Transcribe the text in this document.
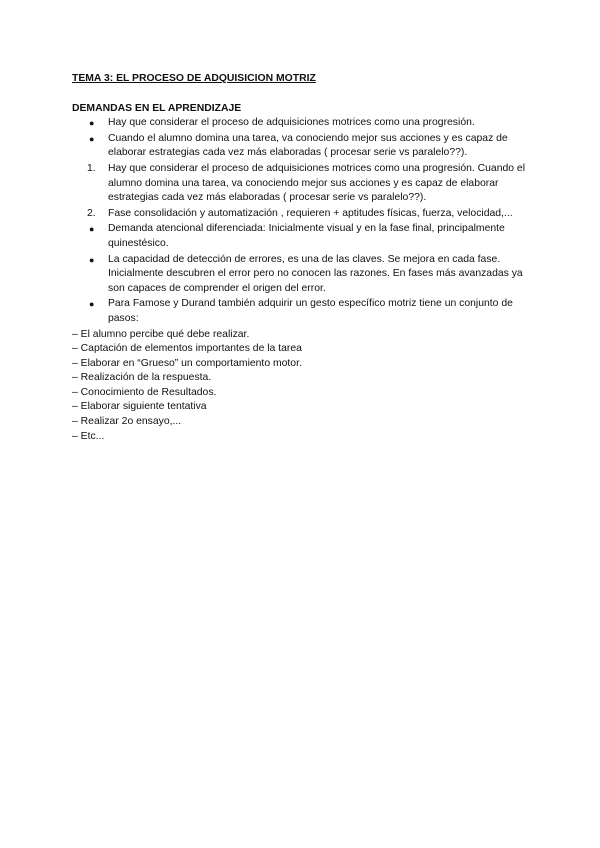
TEMA 3: EL PROCESO DE ADQUISICION MOTRIZ

DEMANDAS EN EL APRENDIZAJE

●	Hay que considerar el proceso de adquisiciones motrices como una progresión.
●	Cuando el alumno domina una tarea, va conociendo mejor sus acciones y es capaz de elaborar estrategias cada vez más elaboradas ( procesar serie vs paralelo??).
1.	Hay que considerar el proceso de adquisiciones motrices como una progresión. Cuando el alumno domina una tarea, va conociendo mejor sus acciones y es capaz de elaborar estrategias cada vez más elaboradas ( procesar serie vs paralelo??).
2.	Fase consolidación y automatización , requieren + aptitudes físicas, fuerza, velocidad,...
●	Demanda atencional diferenciada: Inicialmente visual y en la fase final, principalmente quinestésico.
●	La capacidad de detección de errores, es una de las claves. Se mejora en cada fase. Inicialmente descubren el error pero no conocen las razones. En fases más avanzadas ya son capaces de comprender el origen del error.
●	Para Famose y Durand también adquirir un gesto específico motriz tiene un conjunto de pasos:

– El alumno percibe qué debe realizar.

– Captación de elementos importantes de la tarea

– Elaborar en “Grueso” un comportamiento motor.

– Realización de la respuesta.

– Conocimiento de Resultados.

– Elaborar siguiente tentativa

– Realizar 2o ensayo,...

– Etc...
